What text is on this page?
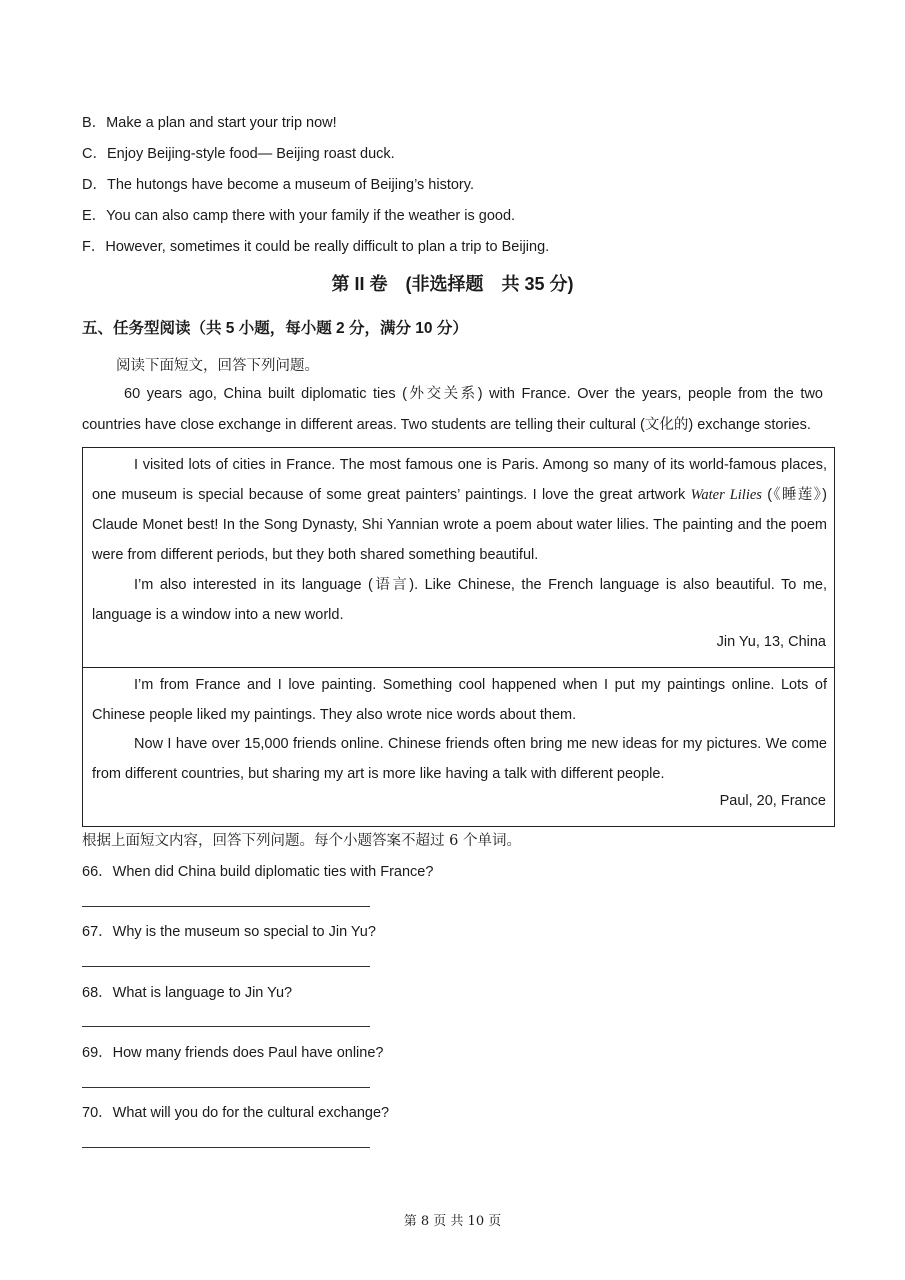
B．Make a plan and start your trip now!
C．Enjoy Beijing-style food— Beijing roast duck.
D．The hutongs have become a museum of Beijing’s history.
E．You can also camp there with your family if the weather is good.
F．However, sometimes it could be really difficult to plan a trip to Beijing.
第 II 卷　(非选择题　共 35 分)
五、任务型阅读（共 5 小题，每小题 2 分，满分 10 分）
阅读下面短文，回答下列问题。
60 years ago, China built diplomatic ties (外交关系) with France. Over the years, people from the two countries have close exchange in different areas. Two students are telling their cultural (文化的) exchange stories.
I visited lots of cities in France. The most famous one is Paris. Among so many of its world-famous places, one museum is special because of some great painters’ paintings. I love the great artwork Water Lilies (《睡莲》) Claude Monet best! In the Song Dynasty, Shi Yannian wrote a poem about water lilies. The painting and the poem were from different periods, but they both shared something beautiful.
I’m also interested in its language (语言). Like Chinese, the French language is also beautiful. To me, language is a window into a new world.
Jin Yu, 13, China
I’m from France and I love painting. Something cool happened when I put my paintings online. Lots of Chinese people liked my paintings. They also wrote nice words about them.
Now I have over 15,000 friends online. Chinese friends often bring me new ideas for my pictures. We come from different countries, but sharing my art is more like having a talk with different people.
Paul, 20, France
根据上面短文内容，回答下列问题。每个小题答案不超过 6 个单词。
66．When did China build diplomatic ties with France?
67．Why is the museum so special to Jin Yu?
68．What is language to Jin Yu?
69．How many friends does Paul have online?
70．What will you do for the cultural exchange?
第 8 页 共 10 页
